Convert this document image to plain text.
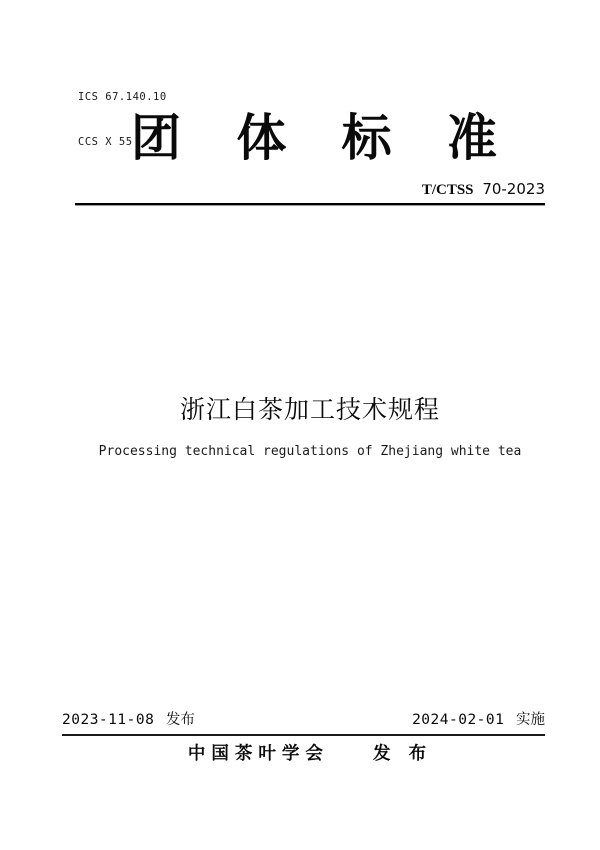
ICS 67.140.10

CCS X 55

团 体 标 准
T/CTSS 70-2023
浙江白茶加工技术规程
Processing technical regulations of Zhejiang white tea
2023-11-08 发布	2024-02-01 实施
中国茶叶学会	发 布
